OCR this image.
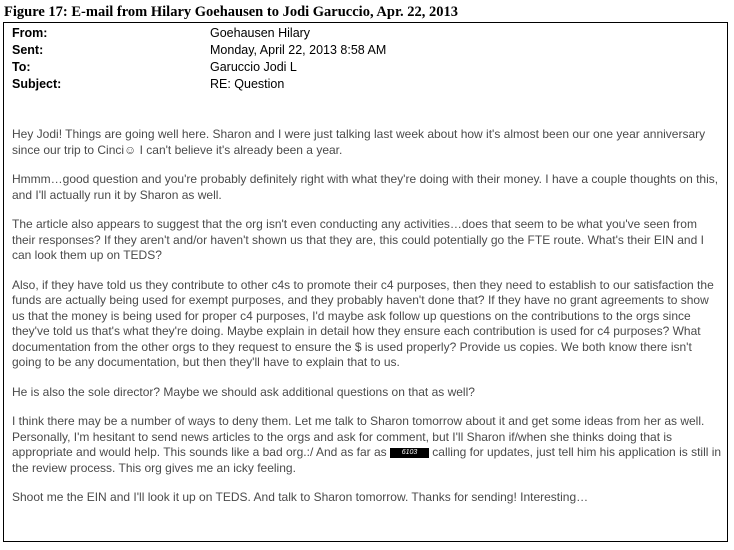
Figure 17: E-mail from Hilary Goehausen to Jodi Garuccio, Apr. 22, 2013
From:	Goehausen Hilary
Sent:	Monday, April 22, 2013 8:58 AM
To:	Garuccio Jodi L
Subject:	RE: Question

Hey Jodi! Things are going well here. Sharon and I were just talking last week about how it's almost been our one year anniversary since our trip to Cinci☺ I can't believe it's already been a year.

Hmmm…good question and you're probably definitely right with what they're doing with their money. I have a couple thoughts on this, and I'll actually run it by Sharon as well.

The article also appears to suggest that the org isn't even conducting any activities…does that seem to be what you've seen from their responses? If they aren't and/or haven't shown us that they are, this could potentially go the FTE route. What's their EIN and I can look them up on TEDS?

Also, if they have told us they contribute to other c4s to promote their c4 purposes, then they need to establish to our satisfaction the funds are actually being used for exempt purposes, and they probably haven't done that? If they have no grant agreements to show us that the money is being used for proper c4 purposes, I'd maybe ask follow up questions on the contributions to the orgs since they've told us that's what they're doing. Maybe explain in detail how they ensure each contribution is used for c4 purposes? What documentation from the other orgs to they request to ensure the $ is used properly? Provide us copies. We both know there isn't going to be any documentation, but then they'll have to explain that to us.

He is also the sole director? Maybe we should ask additional questions on that as well?

I think there may be a number of ways to deny them. Let me talk to Sharon tomorrow about it and get some ideas from her as well. Personally, I'm hesitant to send news articles to the orgs and ask for comment, but I'll Sharon if/when she thinks doing that is appropriate and would help. This sounds like a bad org.:/ And as far as 6103 calling for updates, just tell him his application is still in the review process. This org gives me an icky feeling.

Shoot me the EIN and I'll look it up on TEDS. And talk to Sharon tomorrow. Thanks for sending! Interesting…
